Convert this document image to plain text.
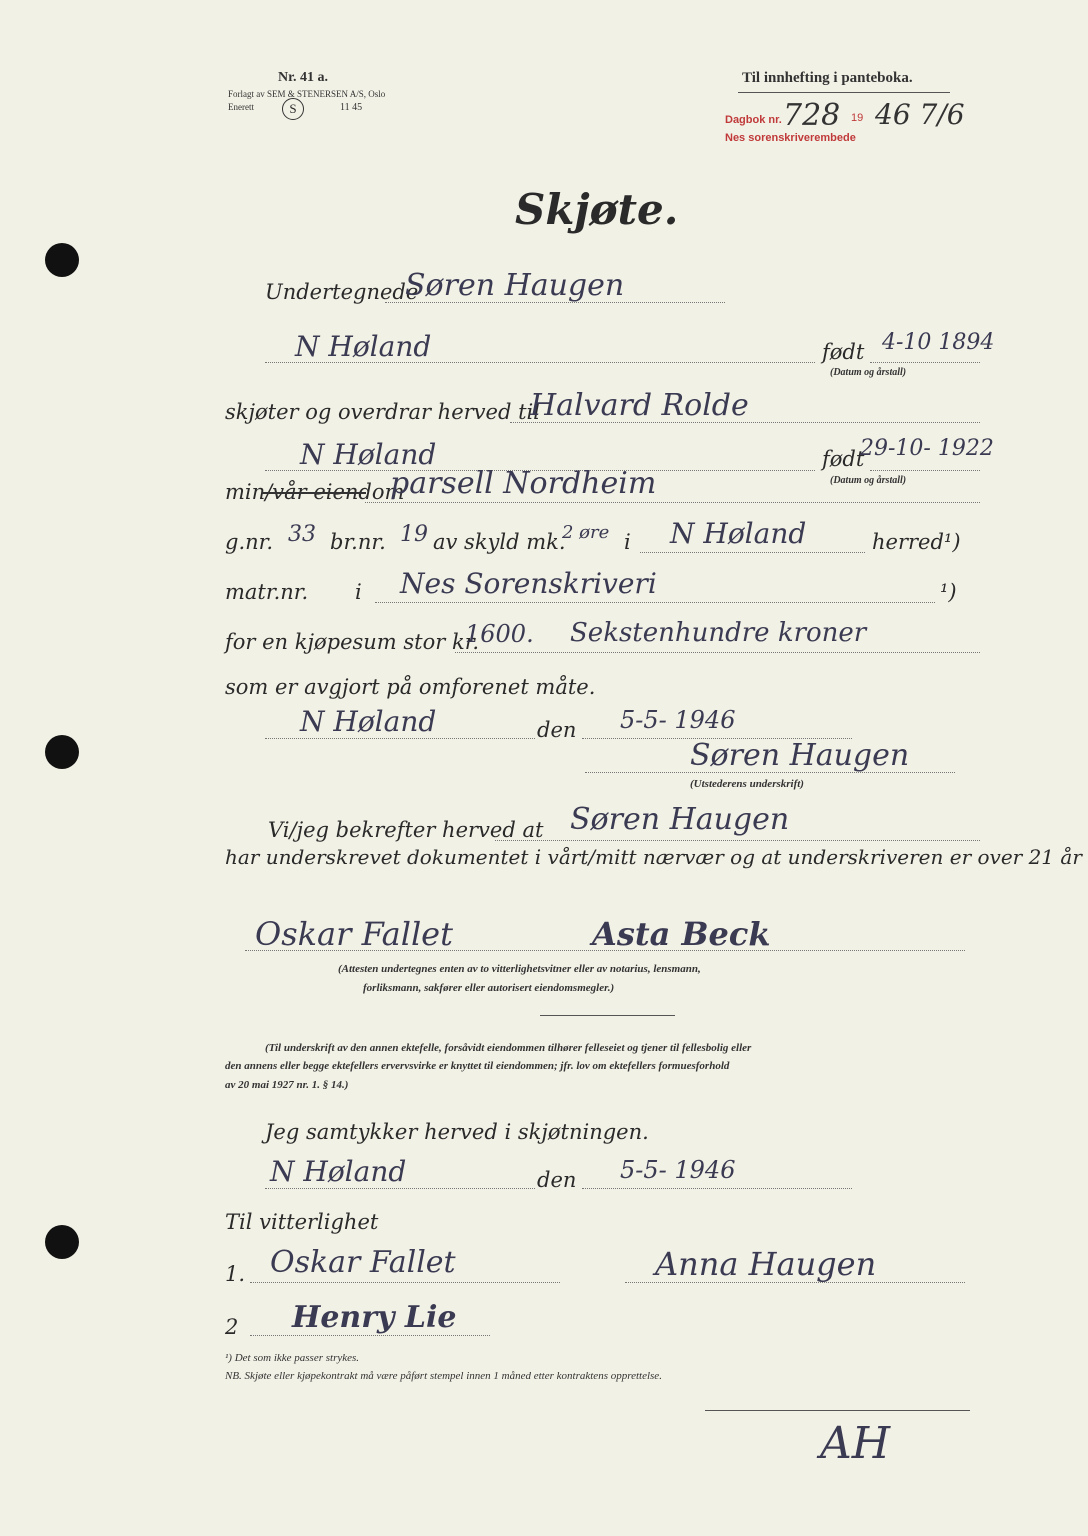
Nr. 41 a.
Forlagt av SEM & STENERSEN A/S, Oslo
Enerett	S	11 45
Til innhefting i panteboka.
Dagbok nr.
Nes sorenskriverembede
728 19 46 7/6
Skjøte.
Undertegnede
Søren Haugen
N Høland	født 4-10 1894
(Datum og årstall)
skjøter og overdrar herved til
Halvard Rolde
N Høland	født
29-10- 1922
(Datum og årstall)
min/vår eiendom
parsell Nordheim
g.nr. 33 br.nr. 19 av skyld mk.
2 øre i N Høland	herred¹)
matr.nr. i Nes Sorenskriveri	¹)
for en kjøpesum stor kr.
1600. Sekstenhundre kroner
som er avgjort på omforenet måte.
N Høland	den 5-5- 1946
Søren Haugen
(Utstederens underskrift)
Vi/jeg bekrefter herved at Søren Haugen
har underskrevet dokumentet i vårt/mitt nærvær og at underskriveren er over 21 år
Oskar Fallet	Asta Beck
(Attesten undertegnes enten av to vitterlighetsvitner eller av notarius, lensmann,
forliksmann, sakfører eller autorisert eiendomsmegler.)
(Til underskrift av den annen ektefelle, forsåvidt eiendommen tilhører felleseiet og tjener til fellesbolig eller
den annens eller begge ektefellers ervervsvirke er knyttet til eiendommen; jfr. lov om ektefellers formuesforhold
av 20 mai 1927 nr. 1. § 14.)
Jeg samtykker herved i skjøtningen.
N Høland	den 5-5- 1946
Til vitterlighet
1. Oskar Fallet	Anna Haugen
2 Henry Lie
¹) Det som ikke passer strykes.
NB. Skjøte eller kjøpekontrakt må være påført stempel innen 1 måned etter kontraktens opprettelse.
AH
